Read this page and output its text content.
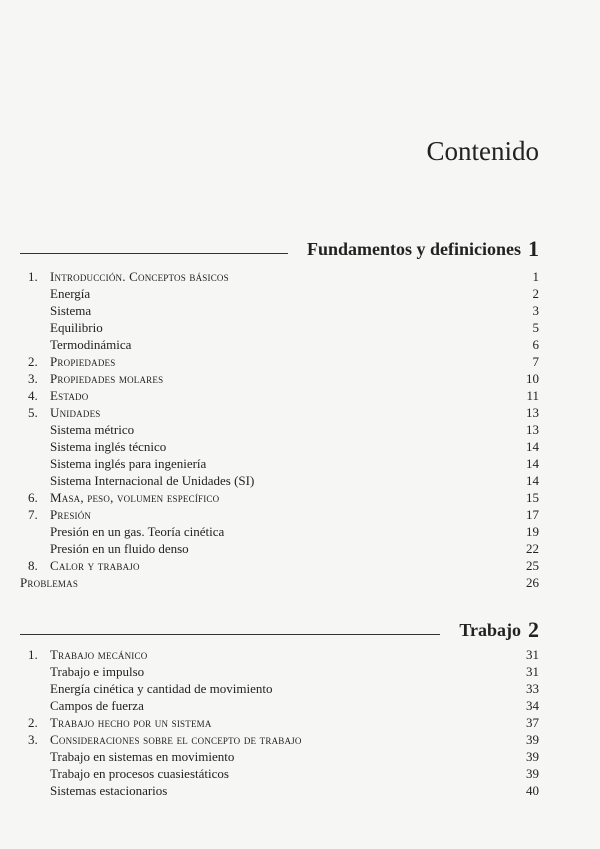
Contenido
Fundamentos y definiciones 1
1. Introducción. Conceptos básicos	1
Energía	2
Sistema	3
Equilibrio	5
Termodinámica	6
2. Propiedades	7
3. Propiedades molares	10
4. Estado	11
5. Unidades	13
Sistema métrico	13
Sistema inglés técnico	14
Sistema inglés para ingeniería	14
Sistema Internacional de Unidades (SI)	14
6. Masa, peso, volumen específico	15
7. Presión	17
Presión en un gas. Teoría cinética	19
Presión en un fluido denso	22
8. Calor y trabajo	25
Problemas	26
Trabajo 2
1. Trabajo mecánico	31
Trabajo e impulso	31
Energía cinética y cantidad de movimiento	33
Campos de fuerza	34
2. Trabajo hecho por un sistema	37
3. Consideraciones sobre el concepto de trabajo	39
Trabajo en sistemas en movimiento	39
Trabajo en procesos cuasiestáticos	39
Sistemas estacionarios	40
